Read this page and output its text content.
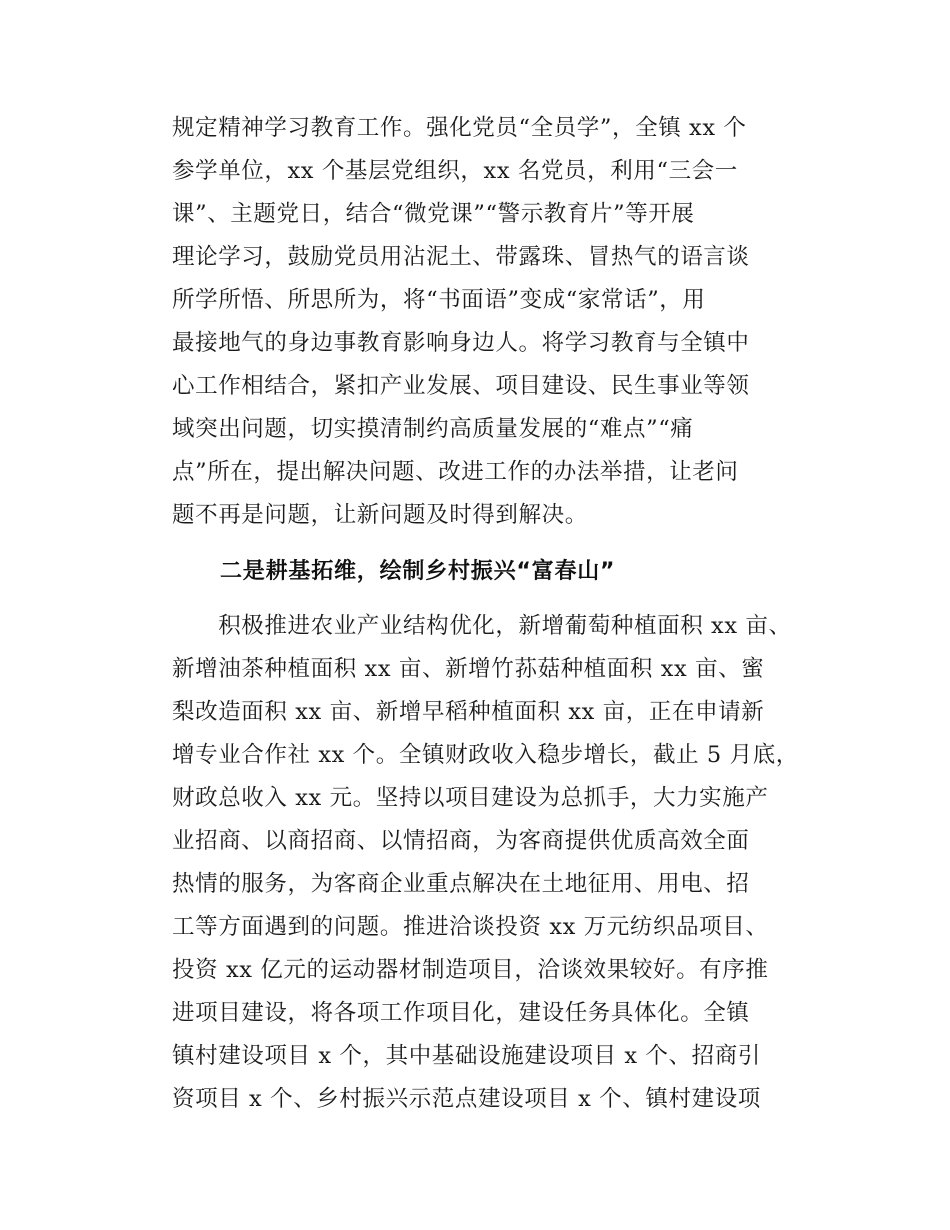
规定精神学习教育工作。强化党员“全员学”，全镇 xx 个
参学单位，xx 个基层党组织，xx 名党员，利用“三会一
课”、主题党日，结合“微党课”“警示教育片”等开展
理论学习，鼓励党员用沾泥土、带露珠、冒热气的语言谈
所学所悟、所思所为，将“书面语”变成“家常话”，用
最接地气的身边事教育影响身边人。将学习教育与全镇中
心工作相结合，紧扣产业发展、项目建设、民生事业等领
域突出问题，切实摸清制约高质量发展的“难点”“痛
点”所在，提出解决问题、改进工作的办法举措，让老问
题不再是问题，让新问题及时得到解决。
二是耕基拓维，绘制乡村振兴“富春山”
　　积极推进农业产业结构优化，新增葡萄种植面积 xx 亩、
新增油茶种植面积 xx 亩、新增竹荪菇种植面积 xx 亩、蜜
梨改造面积 xx 亩、新增早稻种植面积 xx 亩，正在申请新
增专业合作社 xx 个。全镇财政收入稳步增长，截止 5 月底，
财政总收入 xx 元。坚持以项目建设为总抓手，大力实施产
业招商、以商招商、以情招商，为客商提供优质高效全面
热情的服务，为客商企业重点解决在土地征用、用电、招
工等方面遇到的问题。推进洽谈投资 xx 万元纺织品项目、
投资 xx 亿元的运动器材制造项目，洽谈效果较好。有序推
进项目建设，将各项工作项目化，建设任务具体化。全镇
镇村建设项目 x 个，其中基础设施建设项目 x 个、招商引
资项目 x 个、乡村振兴示范点建设项目 x 个、镇村建设项
